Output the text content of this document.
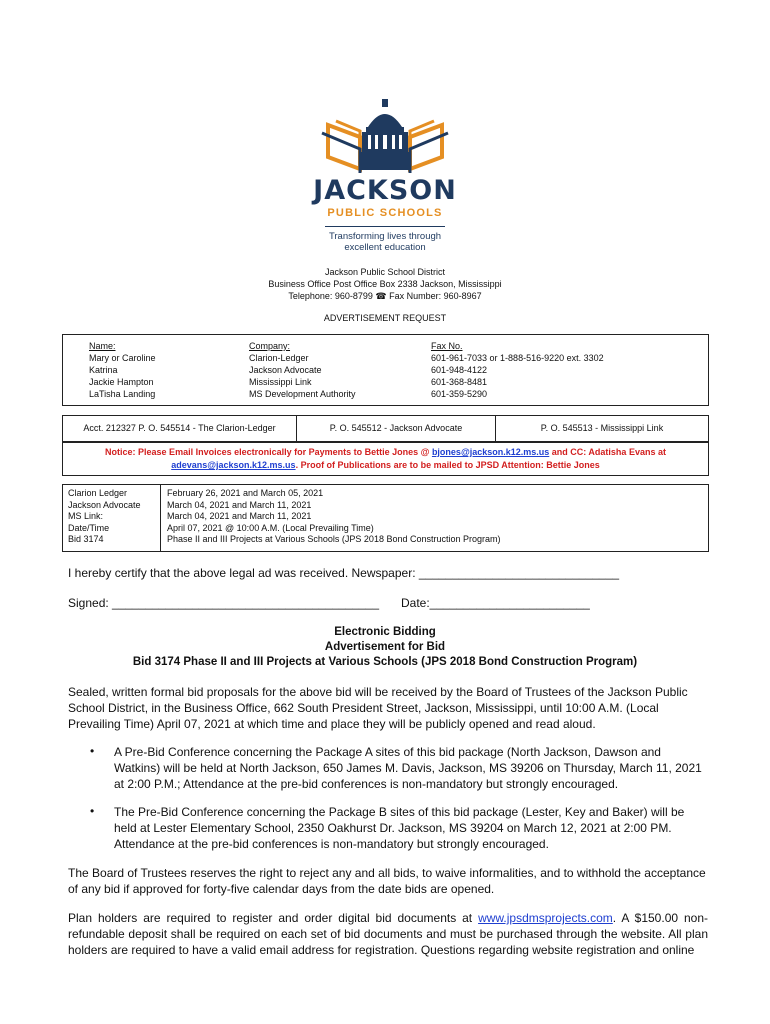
JACKSON
PUBLIC SCHOOLS
Transforming lives through
excellent education
Jackson Public School District
Business Office Post Office Box 2338 Jackson, Mississippi
Telephone: 960-8799 ☎ Fax Number: 960-8967
ADVERTISEMENT REQUEST
Name:
Mary or Caroline
Katrina
Jackie Hampton
LaTisha Landing
Company:
Clarion-Ledger
Jackson Advocate
Mississippi Link
MS Development Authority
Fax No.
601-961-7033 or 1-888-516-9220 ext. 3302
601-948-4122
601-368-8481
601-359-5290
Acct. 212327 P. O. 545514 - The Clarion-Ledger	P. O. 545512 - Jackson Advocate	P. O. 545513 - Mississippi Link
Notice: Please Email Invoices electronically for Payments to Bettie Jones @ bjones@jackson.k12.ms.us and CC: Adatisha Evans at
adevans@jackson.k12.ms.us. Proof of Publications are to be mailed to JPSD Attention: Bettie Jones
Clarion Ledger
Jackson Advocate
MS Link:
Date/Time
Bid 3174
February 26, 2021 and March 05, 2021
March 04, 2021 and March 11, 2021
March 04, 2021 and March 11, 2021
April 07, 2021 @ 10:00 A.M. (Local Prevailing Time)
Phase II and III Projects at Various Schools (JPS 2018 Bond Construction Program)
I hereby certify that the above legal ad was received. Newspaper: ______________________________
Signed: ________________________________________ Date:________________________
Electronic Bidding
Advertisement for Bid
Bid 3174 Phase II and III Projects at Various Schools (JPS 2018 Bond Construction Program)
Sealed, written formal bid proposals for the above bid will be received by the Board of Trustees of the Jackson Public School District, in the Business Office, 662 South President Street, Jackson, Mississippi, until 10:00 A.M. (Local Prevailing Time) April 07, 2021 at which time and place they will be publicly opened and read aloud.
• A Pre-Bid Conference concerning the Package A sites of this bid package (North Jackson, Dawson and Watkins) will be held at North Jackson, 650 James M. Davis, Jackson, MS 39206 on Thursday, March 11, 2021 at 2:00 P.M.; Attendance at the pre-bid conferences is non-mandatory but strongly encouraged.
• The Pre-Bid Conference concerning the Package B sites of this bid package (Lester, Key and Baker) will be held at Lester Elementary School, 2350 Oakhurst Dr. Jackson, MS 39204 on March 12, 2021 at 2:00 PM. Attendance at the pre-bid conferences is non-mandatory but strongly encouraged.
The Board of Trustees reserves the right to reject any and all bids, to waive informalities, and to withhold the acceptance of any bid if approved for forty-five calendar days from the date bids are opened.
Plan holders are required to register and order digital bid documents at www.jpsdmsprojects.com. A $150.00 non-refundable deposit shall be required on each set of bid documents and must be purchased through the website. All plan holders are required to have a valid email address for registration. Questions regarding website registration and online
